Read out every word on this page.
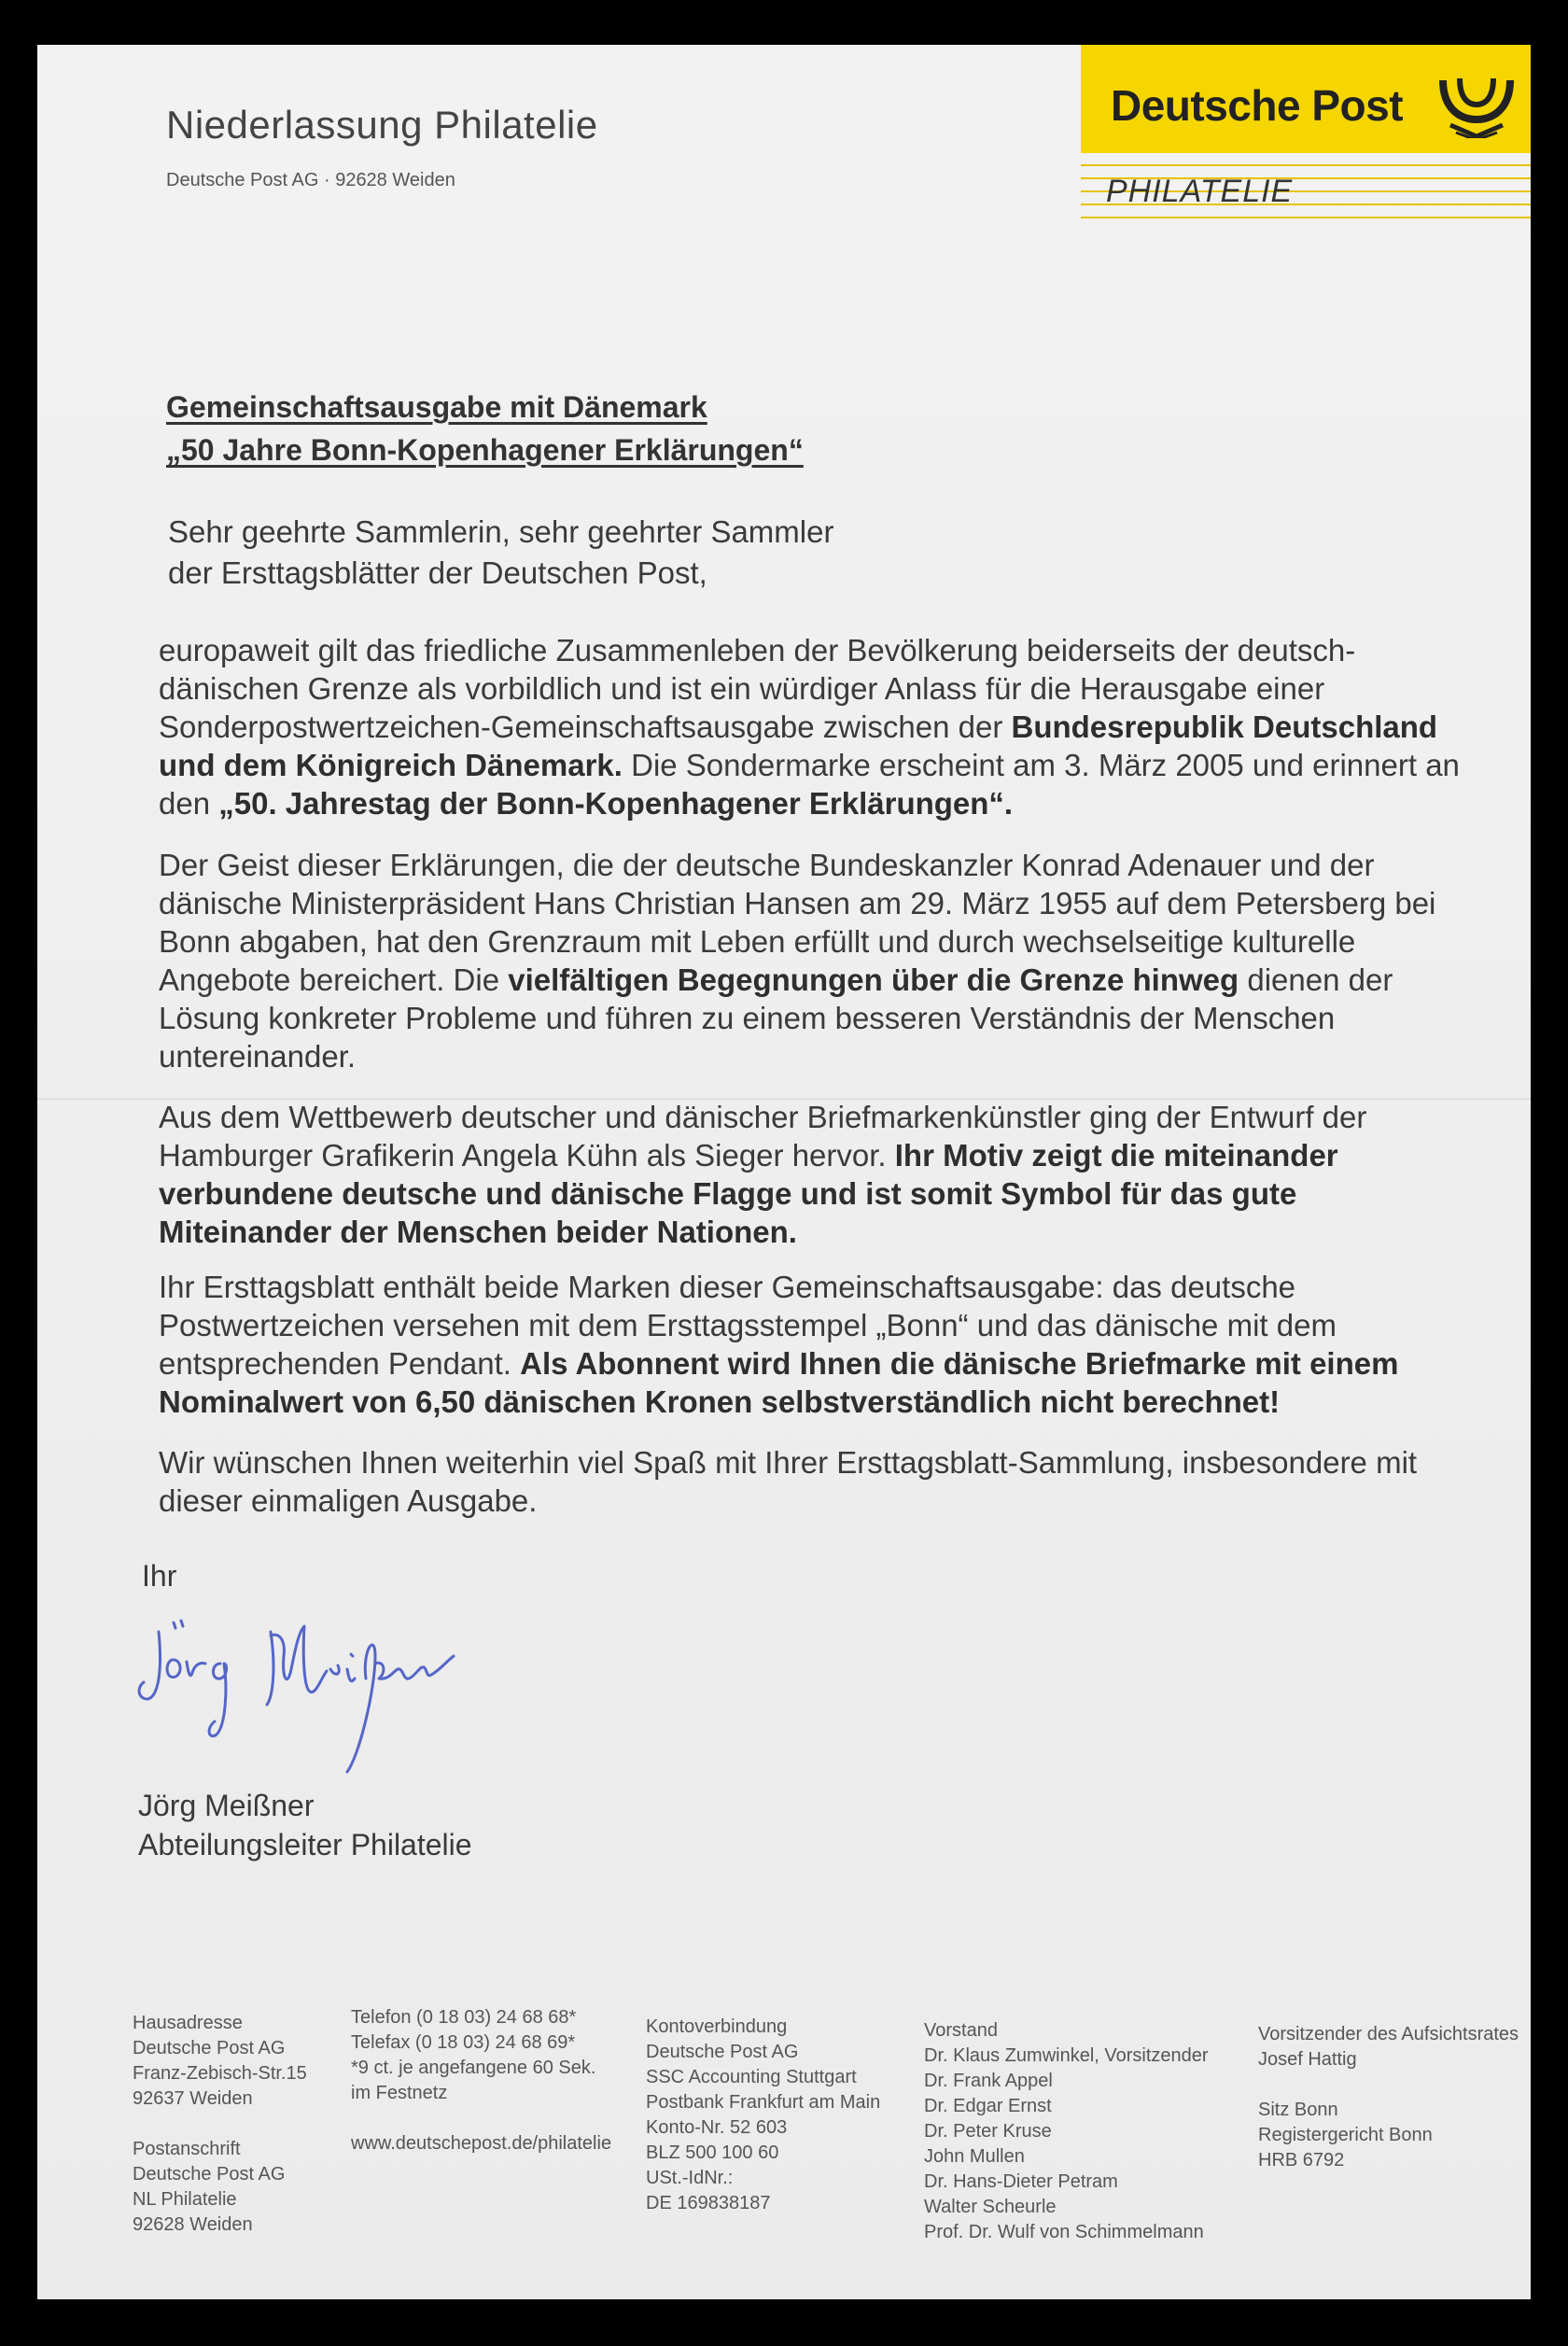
Niederlassung Philatelie
Deutsche Post AG · 92628 Weiden
Deutsche Post
PHILATELIE
Gemeinschaftsausgabe mit Dänemark
„50 Jahre Bonn-Kopenhagener Erklärungen“
Sehr geehrte Sammlerin, sehr geehrter Sammler
der Ersttagsblätter der Deutschen Post,

europaweit gilt das friedliche Zusammenleben der Bevölkerung beiderseits der deutsch-dänischen Grenze als vorbildlich und ist ein würdiger Anlass für die Herausgabe einer Sonderpostwertzeichen-Gemeinschaftsausgabe zwischen der Bundesrepublik Deutschland und dem Königreich Dänemark. Die Sondermarke erscheint am 3. März 2005 und erinnert an den „50. Jahrestag der Bonn-Kopenhagener Erklärungen“.

Der Geist dieser Erklärungen, die der deutsche Bundeskanzler Konrad Adenauer und der dänische Ministerpräsident Hans Christian Hansen am 29. März 1955 auf dem Petersberg bei Bonn abgaben, hat den Grenzraum mit Leben erfüllt und durch wechselseitige kulturelle Angebote bereichert. Die vielfältigen Begegnungen über die Grenze hinweg dienen der Lösung konkreter Probleme und führen zu einem besseren Verständnis der Menschen untereinander.

Aus dem Wettbewerb deutscher und dänischer Briefmarkenkünstler ging der Entwurf der Hamburger Grafikerin Angela Kühn als Sieger hervor. Ihr Motiv zeigt die miteinander verbundene deutsche und dänische Flagge und ist somit Symbol für das gute Miteinander der Menschen beider Nationen.

Ihr Ersttagsblatt enthält beide Marken dieser Gemeinschaftsausgabe: das deutsche Postwertzeichen versehen mit dem Ersttagsstempel „Bonn“ und das dänische mit dem entsprechenden Pendant. Als Abonnent wird Ihnen die dänische Briefmarke mit einem Nominalwert von 6,50 dänischen Kronen selbstverständlich nicht berechnet!

Wir wünschen Ihnen weiterhin viel Spaß mit Ihrer Ersttagsblatt-Sammlung, insbesondere mit dieser einmaligen Ausgabe.

Ihr
Jörg Meißner
Abteilungsleiter Philatelie
Hausadresse
Deutsche Post AG
Franz-Zebisch-Str.15
92637 Weiden
Postanschrift
Deutsche Post AG
NL Philatelie
92628 Weiden
Telefon (0 18 03) 24 68 68*
Telefax (0 18 03) 24 68 69*
*9 ct. je angefangene 60 Sek.
im Festnetz
www.deutschepost.de/philatelie
Kontoverbindung
Deutsche Post AG
SSC Accounting Stuttgart
Postbank Frankfurt am Main
Konto-Nr. 52 603
BLZ 500 100 60
USt.-IdNr.:
DE 169838187
Vorstand
Dr. Klaus Zumwinkel, Vorsitzender
Dr. Frank Appel
Dr. Edgar Ernst
Dr. Peter Kruse
John Mullen
Dr. Hans-Dieter Petram
Walter Scheurle
Prof. Dr. Wulf von Schimmelmann
Vorsitzender des Aufsichtsrates
Josef Hattig
Sitz Bonn
Registergericht Bonn
HRB 6792
